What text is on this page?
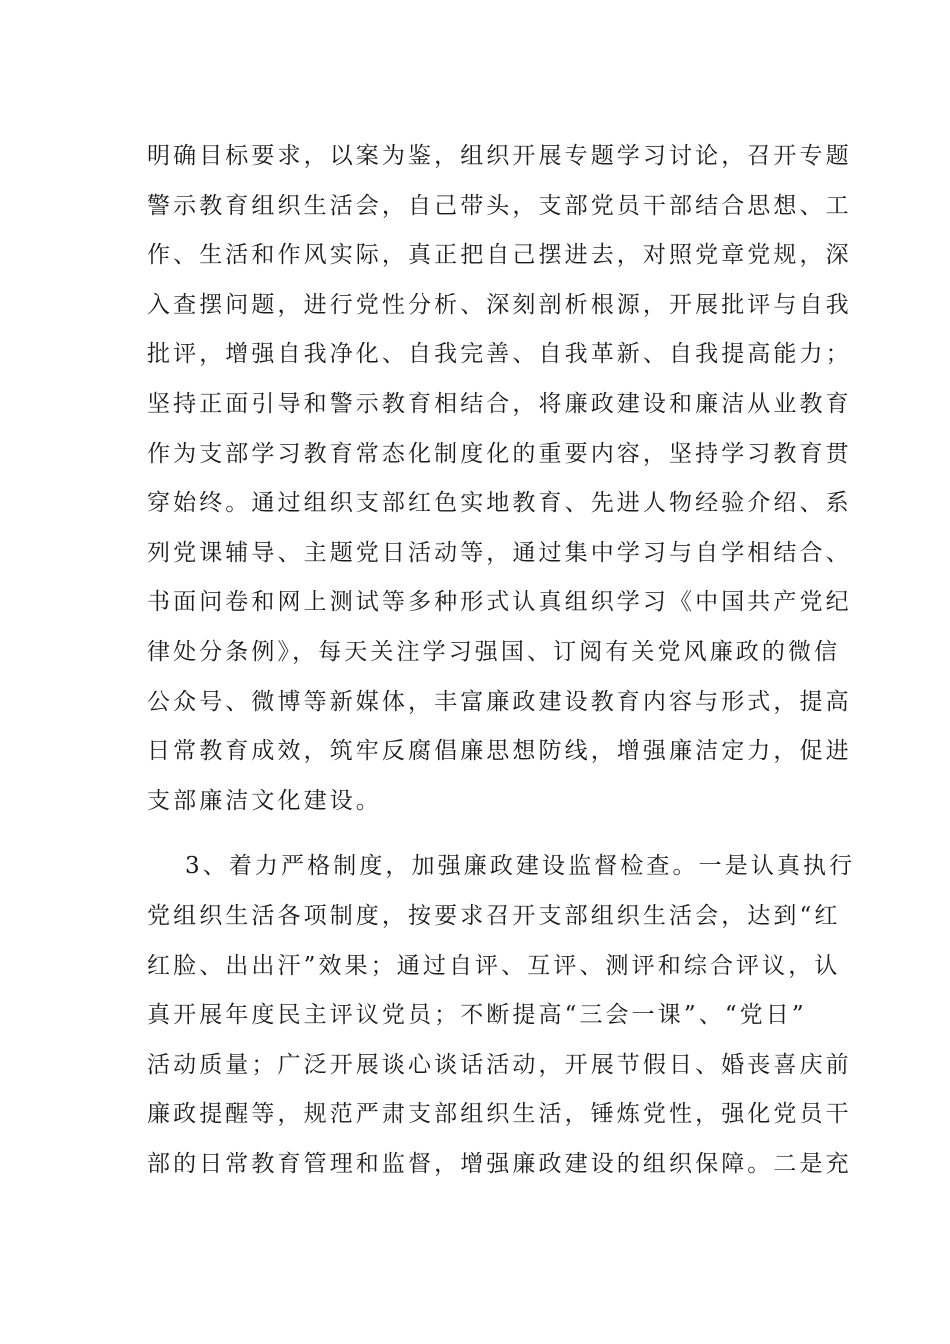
明确目标要求，以案为鉴，组织开展专题学习讨论，召开专题
警示教育组织生活会，自己带头，支部党员干部结合思想、工
作、生活和作风实际，真正把自己摆进去，对照党章党规，深
入查摆问题，进行党性分析、深刻剖析根源，开展批评与自我
批评，增强自我净化、自我完善、自我革新、自我提高能力；
坚持正面引导和警示教育相结合，将廉政建设和廉洁从业教育
作为支部学习教育常态化制度化的重要内容，坚持学习教育贯
穿始终。通过组织支部红色实地教育、先进人物经验介绍、系
列党课辅导、主题党日活动等，通过集中学习与自学相结合、
书面问卷和网上测试等多种形式认真组织学习《中国共产党纪
律处分条例》，每天关注学习强国、订阅有关党风廉政的微信
公众号、微博等新媒体，丰富廉政建设教育内容与形式，提高
日常教育成效，筑牢反腐倡廉思想防线，增强廉洁定力，促进
支部廉洁文化建设。
3、着力严格制度，加强廉政建设监督检查。一是认真执行
党组织生活各项制度，按要求召开支部组织生活会，达到“红
红脸、出出汗”效果；通过自评、互评、测评和综合评议，认
真开展年度民主评议党员；不断提高“三会一课”、“党日”
活动质量；广泛开展谈心谈话活动，开展节假日、婚丧喜庆前
廉政提醒等，规范严肃支部组织生活，锤炼党性，强化党员干
部的日常教育管理和监督，增强廉政建设的组织保障。二是充
